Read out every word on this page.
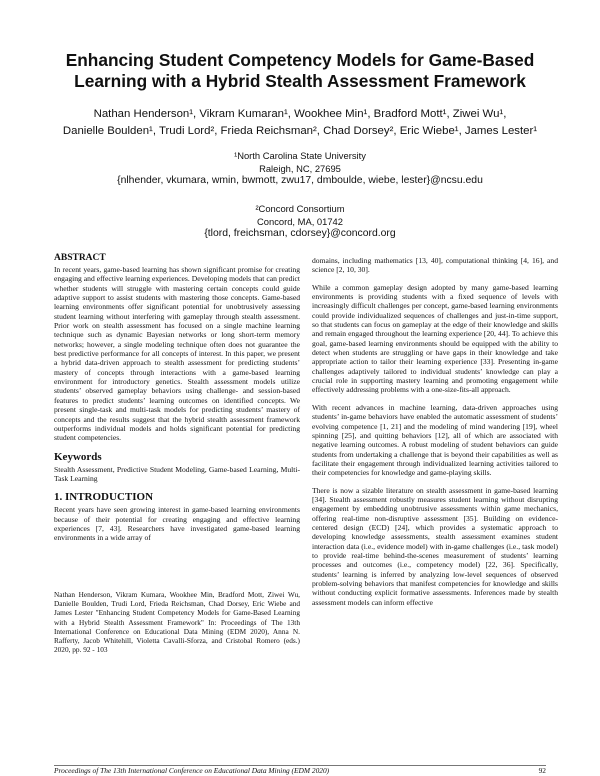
Enhancing Student Competency Models for Game-Based Learning with a Hybrid Stealth Assessment Framework
Nathan Henderson¹, Vikram Kumaran¹, Wookhee Min¹, Bradford Mott¹, Ziwei Wu¹,
Danielle Boulden¹, Trudi Lord², Frieda Reichsman², Chad Dorsey², Eric Wiebe¹, James Lester¹
¹North Carolina State University
Raleigh, NC, 27695
{nlhender, vkumara, wmin, bwmott, zwu17, dmboulde, wiebe, lester}@ncsu.edu
²Concord Consortium
Concord, MA, 01742
{tlord, freichsman, cdorsey}@concord.org
ABSTRACT

In recent years, game-based learning has shown significant promise for creating engaging and effective learning experiences. Developing models that can predict whether students will struggle with mastering certain concepts could guide adaptive support to assist students with mastering those concepts. Game-based learning environments offer significant potential for unobtrusively assessing student learning without interfering with gameplay through stealth assessment. Prior work on stealth assessment has focused on a single machine learning technique such as dynamic Bayesian networks or long short-term memory networks; however, a single modeling technique often does not guarantee the best predictive performance for all concepts of interest. In this paper, we present a hybrid data-driven approach to stealth assessment for predicting students’ mastery of concepts through interactions with a game-based learning environment for introductory genetics. Stealth assessment models utilize students’ observed gameplay behaviors using challenge- and session-based features to predict students’ learning outcomes on identified concepts. We present single-task and multi-task models for predicting students’ mastery of concepts and the results suggest that the hybrid stealth assessment framework outperforms individual models and holds significant potential for predicting student competencies.

Keywords

Stealth Assessment, Predictive Student Modeling, Game-based Learning, Multi-Task Learning

1. INTRODUCTION

Recent years have seen growing interest in game-based learning environments because of their potential for creating engaging and effective learning experiences [7, 43]. Researchers have investigated game-based learning environments in a wide array of

Nathan Henderson, Vikram Kumara, Wookhee Min, Bradford Mott, Ziwei Wu, Danielle Boulden, Trudi Lord, Frieda Reichsman, Chad Dorsey, Eric Wiebe and James Lester "Enhancing Student Competency Models for Game-Based Learning with a Hybrid Stealth Assessment Framework" In: Proceedings of The 13th International Conference on Educational Data Mining (EDM 2020), Anna N. Rafferty, Jacob Whitehill, Violetta Cavalli-Sforza, and Cristobal Romero (eds.) 2020, pp. 92 - 103

domains, including mathematics [13, 40], computational thinking [4, 16], and science [2, 10, 30].

While a common gameplay design adopted by many game-based learning environments is providing students with a fixed sequence of levels with increasingly difficult challenges per concept, game-based learning environments could provide individualized sequences of challenges and just-in-time support, so that students can focus on gameplay at the edge of their knowledge and skills and remain engaged throughout the learning experience [20, 44]. To achieve this goal, game-based learning environments should be equipped with the ability to detect when students are struggling or have gaps in their knowledge and take appropriate action to tailor their learning experience [33]. Presenting in-game challenges adaptively tailored to individual students’ knowledge can play a crucial role in supporting mastery learning and promoting engagement while effectively addressing problems with a one-size-fits-all approach.

With recent advances in machine learning, data-driven approaches using students’ in-game behaviors have enabled the automatic assessment of students’ evolving competence [1, 21] and the modeling of mind wandering [19], wheel spinning [25], and quitting behaviors [12], all of which are associated with negative learning outcomes. A robust modeling of student behaviors can guide students from undertaking a challenge that is beyond their capabilities as well as facilitate their engagement through individualized learning activities tailored to their competencies for knowledge and game-playing skills.

There is now a sizable literature on stealth assessment in game-based learning [34]. Stealth assessment robustly measures student learning without disrupting engagement by embedding unobtrusive assessments within game mechanics, offering real-time non-disruptive assessment [35]. Building on evidence-centered design (ECD) [24], which provides a systematic approach to developing knowledge assessments, stealth assessment examines student interaction data (i.e., evidence model) with in-game challenges (i.e., task model) to provide real-time behind-the-scenes measurement of students’ learning processes and outcomes (i.e., competency model) [22, 36]. Specifically, students’ learning is inferred by analyzing low-level sequences of observed problem-solving behaviors that manifest competencies for knowledge and skills without conducting explicit formative assessments. Inferences made by stealth assessment models can inform effective

Proceedings of The 13th International Conference on Educational Data Mining (EDM 2020)	92
